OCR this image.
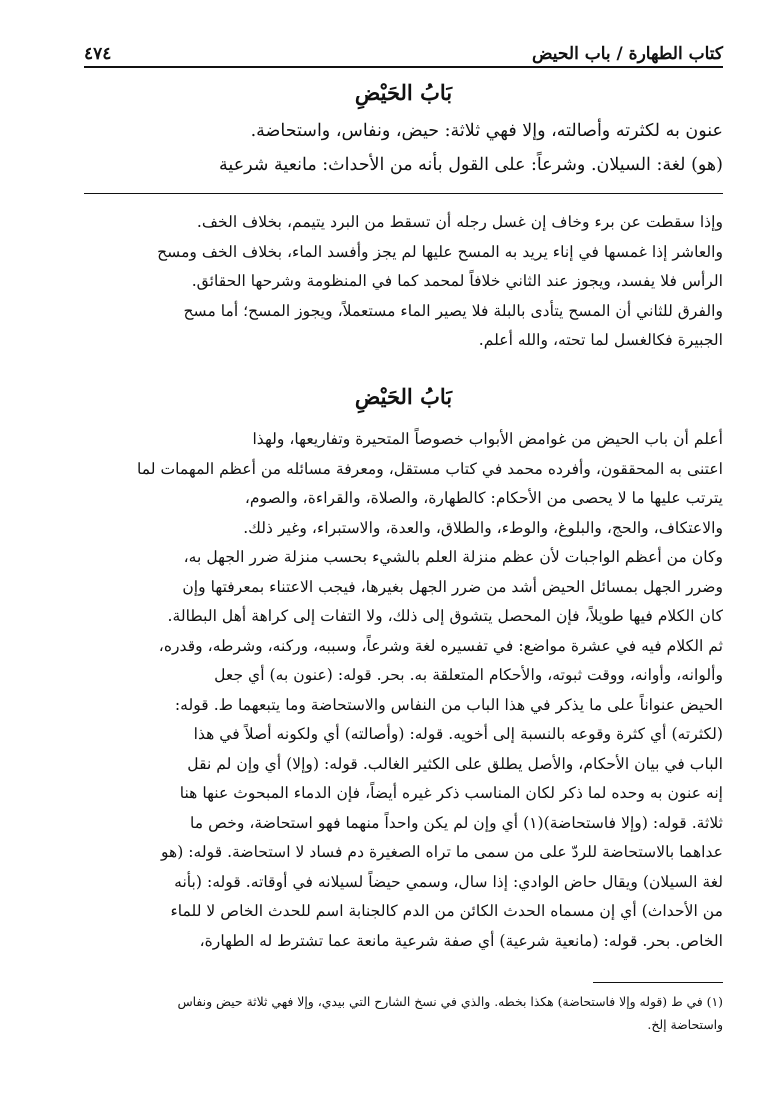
كتاب الطهارة / باب الحيض
٤٧٤
بَابُ الحَيْضِ
عنون به لكثرته وأصالته، وإلا فهي ثلاثة: حيض، ونفاس، واستحاضة.
(هو) لغة: السيلان. وشرعاً: على القول بأنه من الأحداث: مانعية شرعية
وإذا سقطت عن برء وخاف إن غسل رجله أن تسقط من البرد يتيمم، بخلاف الخف.
والعاشر إذا غمسها في إناء يريد به المسح عليها لم يجز وأفسد الماء، بخلاف الخف ومسح
الرأس فلا يفسد، ويجوز عند الثاني خلافاً لمحمد كما في المنظومة وشرحها الحقائق.
والفرق للثاني أن المسح يتأدى بالبلة فلا يصير الماء مستعملاً، ويجوز المسح؛ أما مسح
الجبيرة فكالغسل لما تحته، والله أعلم.
بَابُ الحَيْضِ
أعلم أن باب الحيض من غوامض الأبواب خصوصاً المتحيرة وتفاريعها، ولهذا
اعتنى به المحققون، وأفرده محمد في كتاب مستقل، ومعرفة مسائله من أعظم المهمات لما
يترتب عليها ما لا يحصى من الأحكام: كالطهارة، والصلاة، والقراءة، والصوم،
والاعتكاف، والحج، والبلوغ، والوطء، والطلاق، والعدة، والاستبراء، وغير ذلك.
وكان من أعظم الواجبات لأن عظم منزلة العلم بالشيء بحسب منزلة ضرر الجهل به،
وضرر الجهل بمسائل الحيض أشد من ضرر الجهل بغيرها، فيجب الاعتناء بمعرفتها وإن
كان الكلام فيها طويلاً، فإن المحصل يتشوق إلى ذلك، ولا التفات إلى كراهة أهل البطالة.
ثم الكلام فيه في عشرة مواضع: في تفسيره لغة وشرعاً، وسببه، وركنه، وشرطه، وقدره،
وألوانه، وأوانه، ووقت ثبوته، والأحكام المتعلقة به. بحر. قوله: (عنون به) أي جعل
الحيض عنواناً على ما يذكر في هذا الباب من النفاس والاستحاضة وما يتبعهما ط. قوله:
(لكثرته) أي كثرة وقوعه بالنسبة إلى أخويه. قوله: (وأصالته) أي ولكونه أصلاً في هذا
الباب في بيان الأحكام، والأصل يطلق على الكثير الغالب. قوله: (وإلا) أي وإن لم نقل
إنه عنون به وحده لما ذكر لكان المناسب ذكر غيره أيضاً، فإن الدماء المبحوث عنها هنا
ثلاثة. قوله: (وإلا فاستحاضة)(١) أي وإن لم يكن واحداً منهما فهو استحاضة، وخص ما
عداهما بالاستحاضة للردّ على من سمى ما تراه الصغيرة دم فساد لا استحاضة. قوله: (هو
لغة السيلان) ويقال حاض الوادي: إذا سال، وسمي حيضاً لسيلانه في أوقاته. قوله: (بأنه
من الأحداث) أي إن مسماه الحدث الكائن من الدم كالجنابة اسم للحدث الخاص لا للماء
الخاص. بحر. قوله: (مانعية شرعية) أي صفة شرعية مانعة عما تشترط له الطهارة،
(١) في ط (قوله وإلا فاستحاضة) هكذا بخطه. والذي في نسخ الشارح التي بيدي، وإلا فهي ثلاثة حيض ونفاس
واستحاضة إلخ.
